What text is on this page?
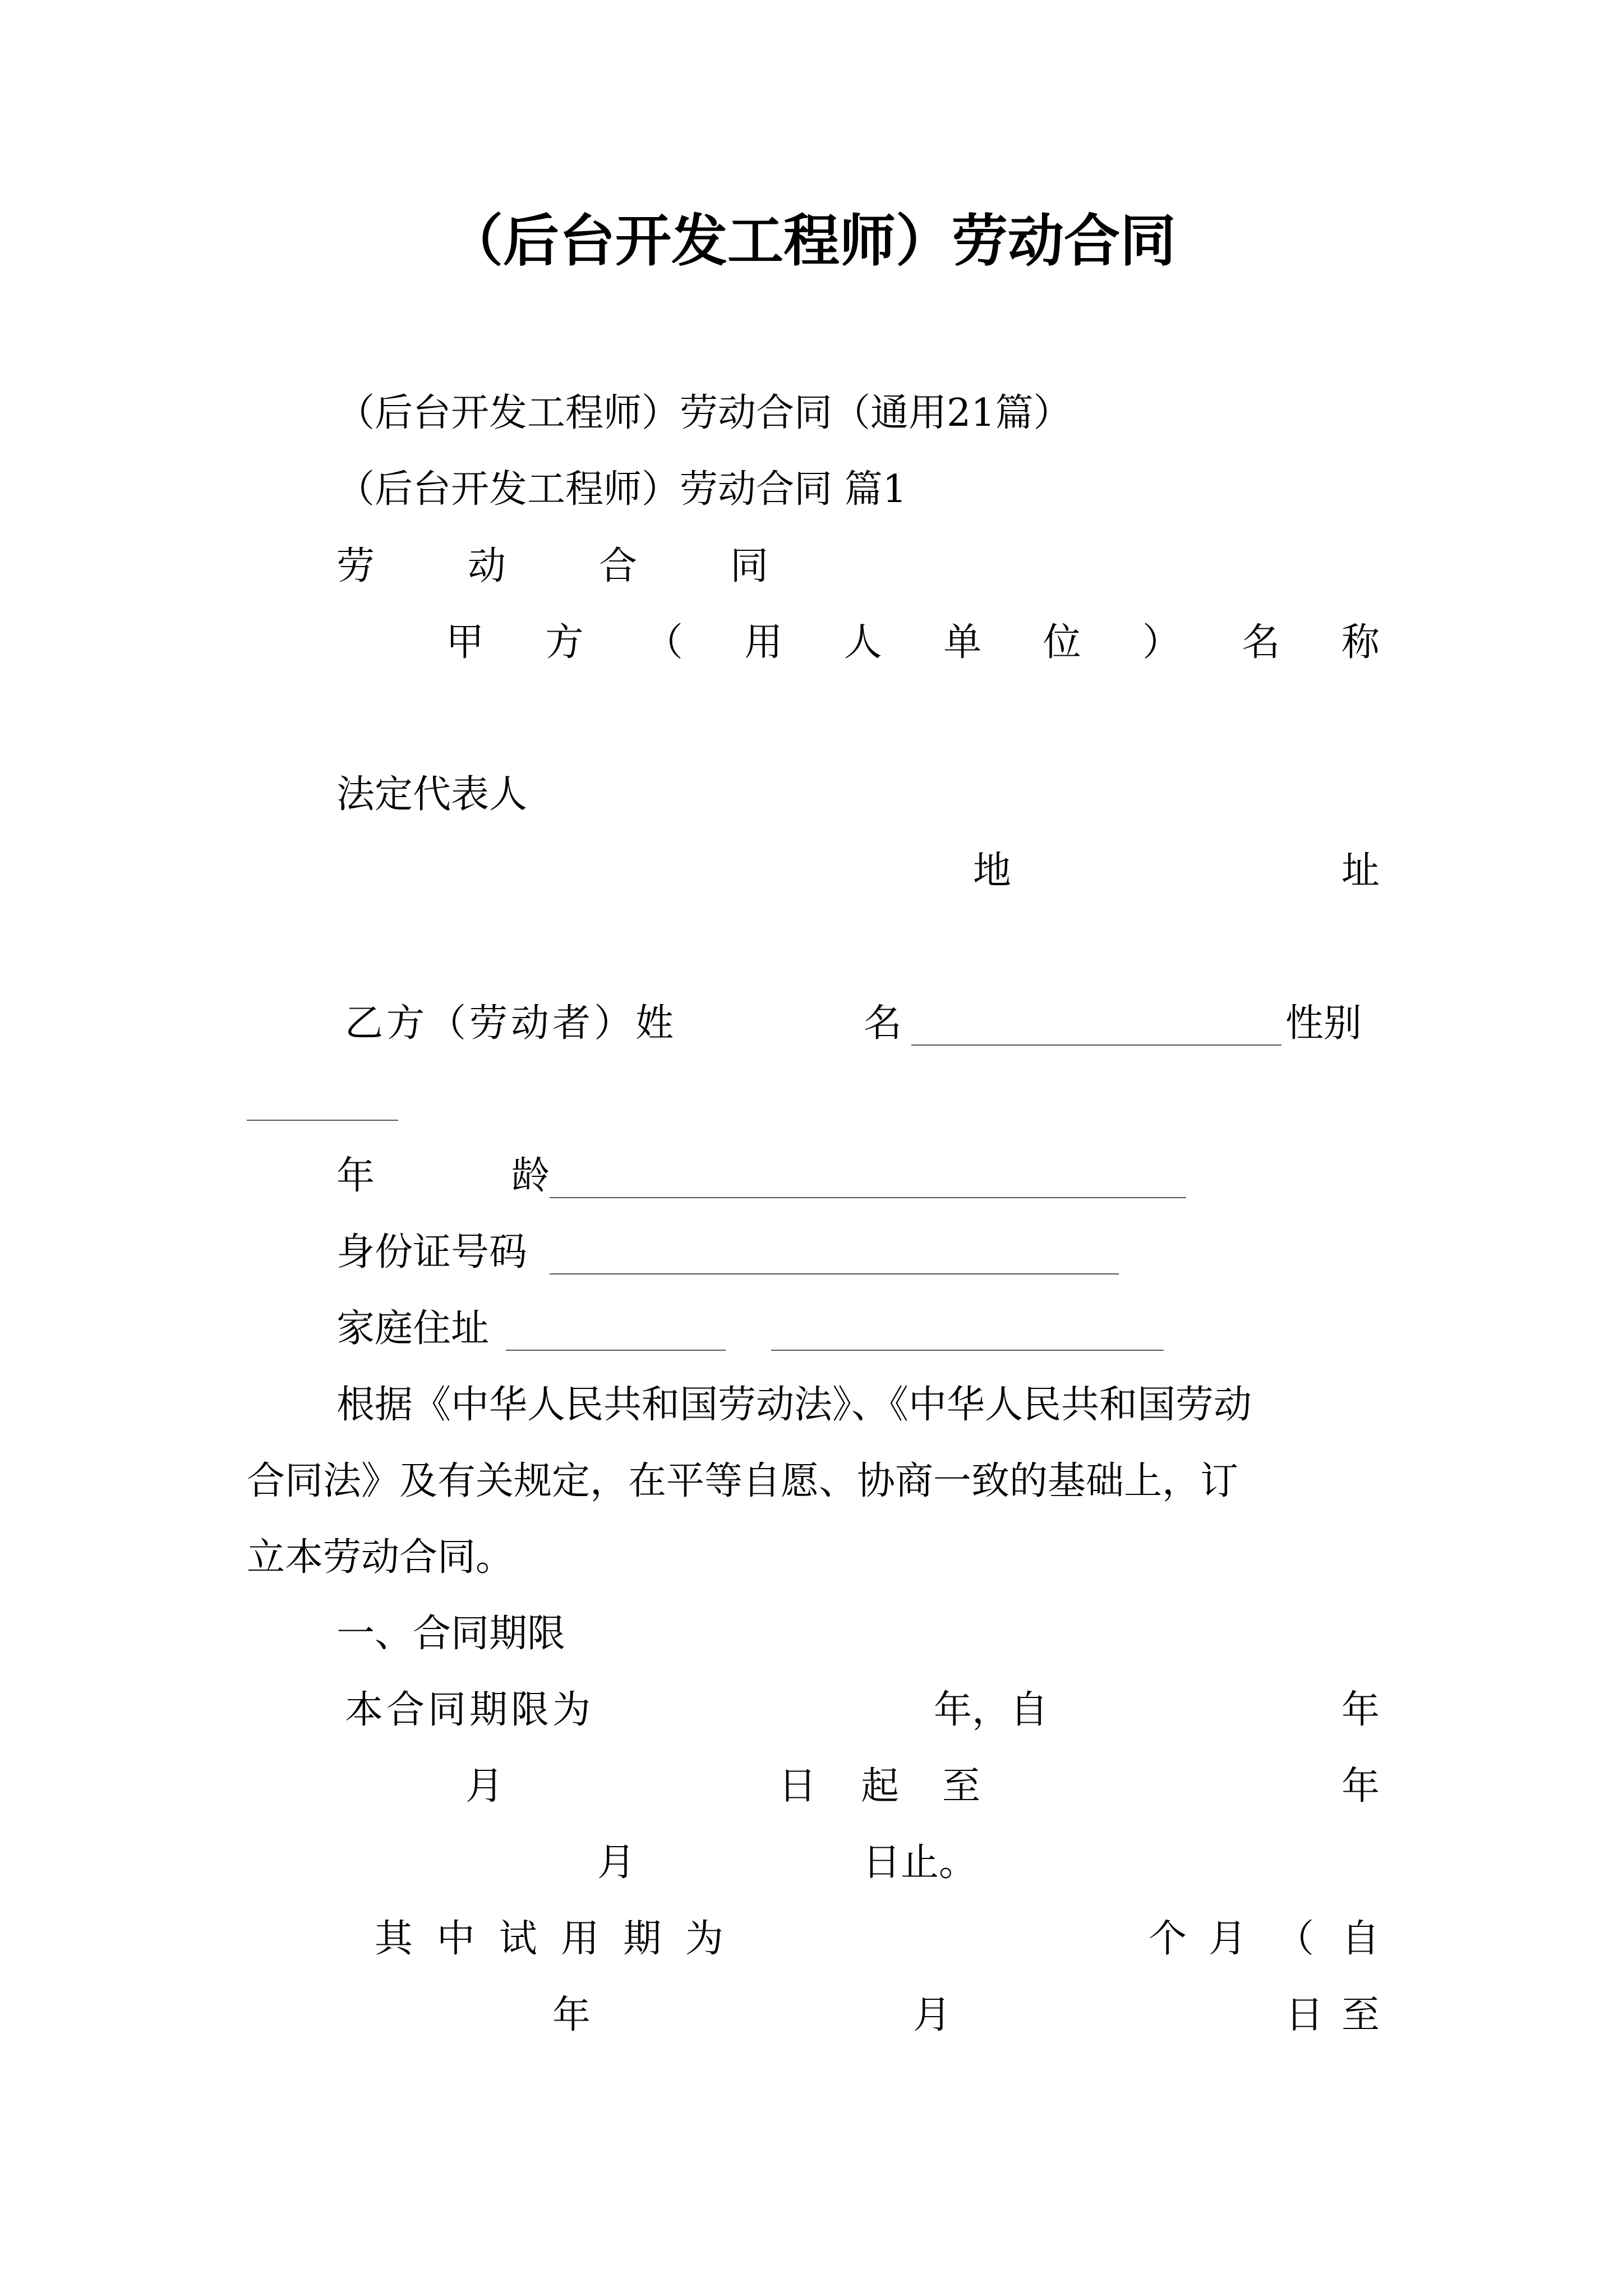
（后台开发工程师）劳动合同
（后台开发工程师）劳动合同（通用21篇）
（后台开发工程师）劳动合同 篇1
劳 动 合 同
甲 方 （ 用 人 单 位 ） 名 称
法定代表人
地	址
乙方（劳动者）姓	名	性别
年	龄
身份证号码
家庭住址
根据《中华人民共和国劳动法》、《中华人民共和国劳动
合同法》及有关规定，在平等自愿、协商一致的基础上，订
立本劳动合同。
一、合同期限
本合同期限为	年，自	年
月	日 起 至	年
月	日止。
其 中 试 用 期 为	个 月 （ 自
年	月	日 至
